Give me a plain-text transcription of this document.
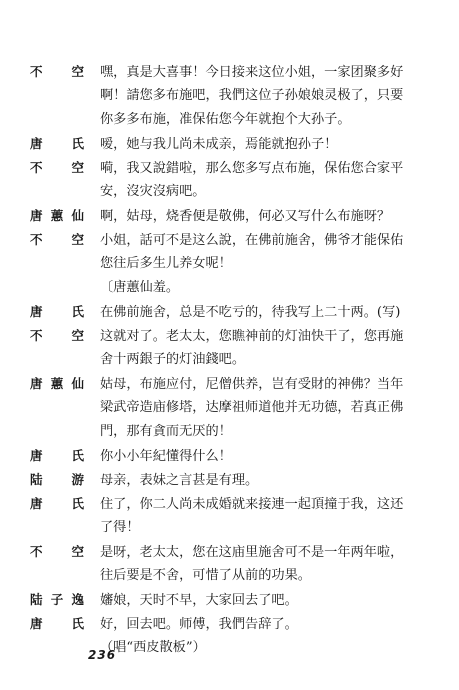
不　空	嘿，真是大喜事！今日接来这位小姐，一家团聚多好
啊！請您多布施吧，我們这位子孙娘娘灵极了，只要
你多多布施，准保佑您今年就抱个大孙子。
唐　氏	嗳，她与我儿尚未成亲，焉能就抱孙子！
不　空	嗬，我又說錯啦，那么您多写点布施，保佑您合家平
安，沒灾沒病吧。
唐蕙仙	啊，姑母，烧香便是敬佛，何必又写什么布施呀？
不　空	小姐，話可不是这么說，在佛前施舍，佛爷才能保佑
您往后多生儿养女呢！
〔唐蕙仙羞。
唐　氏	在佛前施舍，总是不吃亏的，待我写上二十两。(写)
不　空	这就对了。老太太，您瞧神前的灯油快干了，您再施
舍十两銀子的灯油錢吧。
唐蕙仙	姑母，布施应付，尼僧供养，岂有受財的神佛？当年
梁武帝造庙修塔，达摩祖师道他并无功德，若真正佛
門，那有貪而无厌的！
唐　氏	你小小年紀懂得什么！
陆　游	母亲，表妹之言甚是有理。
唐　氏	住了，你二人尚未成婚就来接連一起頂撞于我，这还
了得！
不　空	是呀，老太太，您在这庙里施舍可不是一年两年啦，
往后要是不舍，可惜了从前的功果。
陆子逸	嬸娘，天时不早，大家回去了吧。
唐　氏	好，回去吧。师傅，我們告辞了。
（唱“西皮散板”）
236
